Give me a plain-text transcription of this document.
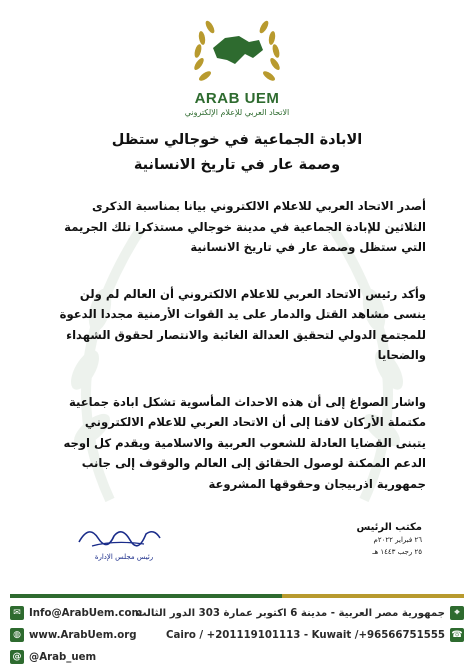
ARAB UEM
الاتحاد العربي للإعلام الإلكتروني
الابادة الجماعية في خوجالي ستظل
وصمة عار في تاريخ الانسانية

أصدر الاتحاد العربي للاعلام الالكتروني بيانا بمناسبة الذكرى الثلاثين للإبادة الجماعية في مدينة خوجالي مستذكرا تلك الجريمة التي ستظل وصمة عار في تاريخ الانسانية

وأكد رئيس الاتحاد العربي للاعلام الالكتروني أن العالم لم ولن ينسى مشاهد القتل والدمار على يد القوات الأرمنية مجددا الدعوة للمجتمع الدولي لتحقيق العدالة الغائبة والانتصار لحقوق الشهداء والضحايا

واشار الصواغ إلى أن هذه الاحداث المأسوية تشكل ابادة جماعية مكتملة الأركان لافتا إلى أن الاتحاد العربي للاعلام الالكتروني يتبنى القضايا العادلة للشعوب العربية والاسلامية ويقدم كل اوجه الدعم الممكنة لوصول الحقائق إلى العالم والوقوف إلى جانب جمهورية اذربيجان وحقوقها المشروعة

مكتب الرئيس
٢٦ فبراير ٢٠٢٢م
٢٥ رجب ١٤٤٣ هـ
رئيس مجلس الإدارة
⌖
جمهورية مصر العربية - مدينة 6 اكتوبر عمارة 303 الدور الثالث
✉ Info@ArabUem.com
☎
Cairo / +201119101113 - Kuwait /+96566751555
◍ www.ArabUem.org
@ @Arab_uem
